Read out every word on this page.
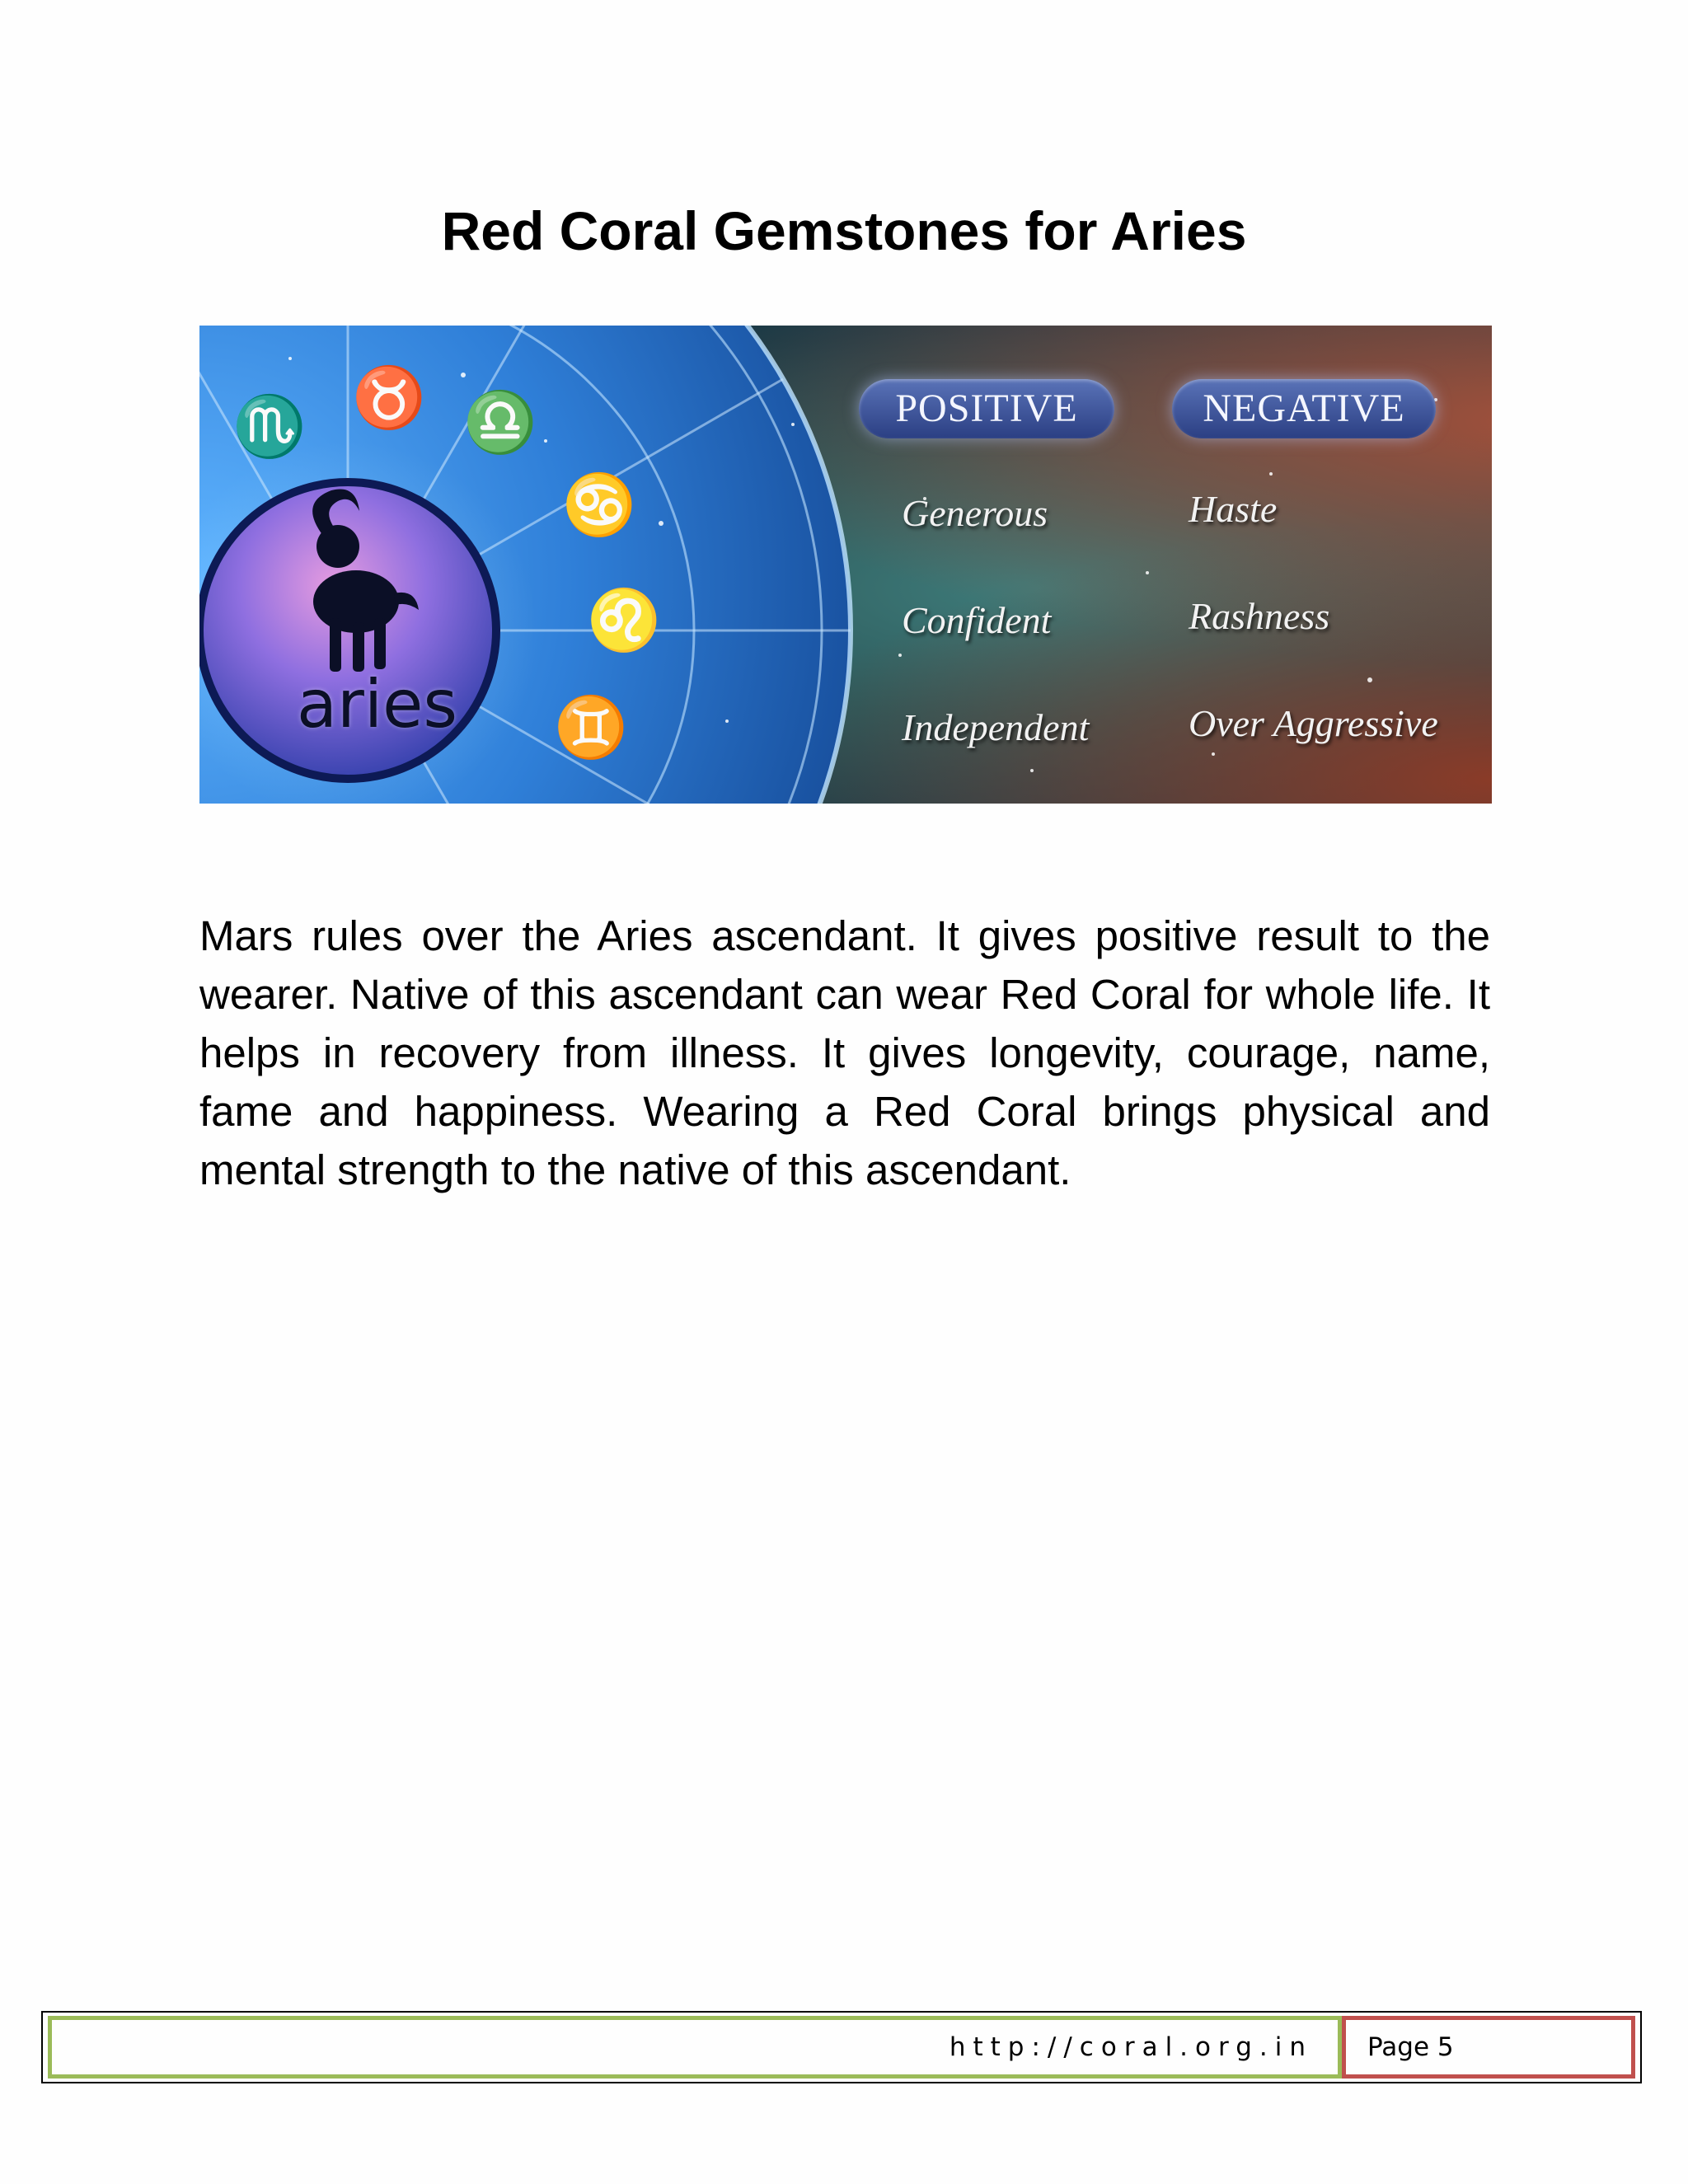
Red Coral Gemstones for Aries
♏ ♉ ♎
♋
♌
♊
aries
POSITIVE	NEGATIVE
Generous
Confident
Independent
Haste
Rashness
Over Aggressive

Mars rules over the Aries ascendant. It gives positive result to the wearer. Native of this ascendant can wear Red Coral for whole life. It helps in recovery from illness. It gives longevity, courage, name, fame and happiness. Wearing a Red Coral brings physical and mental strength to the native of this ascendant.

http://coral.org.in Page 5
